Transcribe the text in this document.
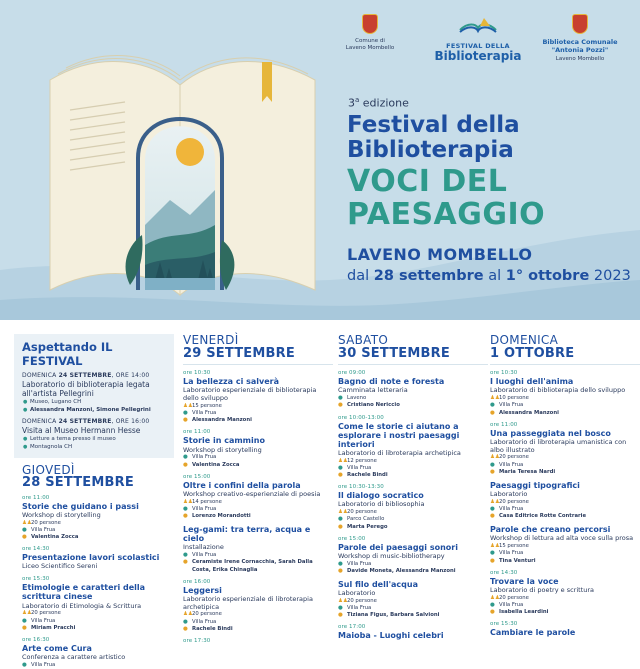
Comune di
Laveno Mombello	FESTIVAL DELLA
Biblioterapia
Biblioteca Comunale
"Antonia Pozzi"
Laveno Mombello
3$^a$ edizione
Festival della
Biblioterapia
VOCI DEL
PAESAGGIO
LAVENO MOMBELLO
dal 28 settembre al 1° ottobre 2023
Aspettando IL FESTIVAL
DOMENICA 24 SETTEMBRE, ORE 14:00
Laboratorio di biblioterapia legata all'artista Pellegrini
● Museo, Lugano CH
● Alessandra Manzoni, Simone Pellegrini
DOMENICA 24 SETTEMBRE, ORE 16:00
Visita al Museo Hermann Hesse
● Letture a tema presso il museo
● Montagnola CH
GIOVEDÌ
28 SETTEMBRE
ore 11:00
Storie che guidano i passi
Workshop di storytelling
♟♟ 20 persone
● Villa Frua
● Valentina Zocca
ore 14:30
Presentazione lavori scolastici
Liceo Scientifico Sereni
ore 15:30
Etimologie e caratteri della scrittura cinese
Laboratorio di Etimologia & Scrittura
♟♟ 20 persone
● Villa Frua
● Miriam Pracchi
ore 16:30
Arte come Cura
Conferenza a carattere artistico
● Villa Frua
VENERDÌ
29 SETTEMBRE
ore 10:30
La bellezza ci salverà
Laboratorio esperienziale di biblioterapia dello sviluppo
♟♟ 15 persone
● Villa Frua
● Alessandra Manzoni
ore 11:00
Storie in cammino
Workshop di storytelling
● Villa Frua
● Valentina Zocca
ore 15:00
Oltre i confini della parola
Workshop creativo-esperienziale di poesia
♟♟ 14 persone
● Villa Frua
● Lorenzo Morandotti
Leg-gami: tra terra, acqua e cielo
Installazione
● Villa Frua
● Ceramiste Irene Cornacchia, Sarah Dalla Costa, Erika Chinaglia
ore 16:00
Leggersi
Laboratorio esperienziale di libroterapia archetipica
♟♟ 20 persone
● Villa Frua
● Rachele Bindi
ore 17:30
SABATO
30 SETTEMBRE
ore 09:00
Bagno di note e foresta
Camminata letteraria
● Laveno
● Cristiano Nericcio
ore 10:00-13:00
Come le storie ci aiutano a esplorare i nostri paesaggi interiori
Laboratorio di libroterapia archetipica
♟♟ 12 persone
● Villa Frua
● Rachele Bindi
ore 10:30-13:30
Il dialogo socratico
Laboratorio di bibliosophia
♟♟ 20 persone
● Parco Castello
● Marta Perego
ore 15:00
Parole dei paesaggi sonori
Workshop di music-bibliotherapy
● Villa Frua
● Davide Moneta, Alessandra Manzoni
Sul filo dell'acqua
Laboratorio
♟♟ 20 persone
● Villa Frua
● Tiziana Figus, Barbara Salvioni
ore 17:00
Maioba - Luoghi celebri
DOMENICA
1 OTTOBRE
ore 10:30
I luoghi dell'anima
Laboratorio di biblioterapia dello sviluppo
♟♟ 10 persone
● Villa Frua
● Alessandra Manzoni
ore 11:00
Una passeggiata nel bosco
Laboratorio di libroterapia umanistica con albo illustrato
♟♟ 20 persone
● Villa Frua
● Maria Teresa Nardi
Paesaggi tipografici
Laboratorio
♟♟ 20 persone
● Villa Frua
● Casa Editrice Rotte Contrarie
Parole che creano percorsi
Workshop di lettura ad alta voce sulla prosa
♟♟ 15 persone
● Villa Frua
● Tina Venturi
ore 14:30
Trovare la voce
Laboratorio di poetry e scrittura
♟♟ 20 persone
● Villa Frua
● Isabella Leardini
ore 15:30
Cambiare le parole
